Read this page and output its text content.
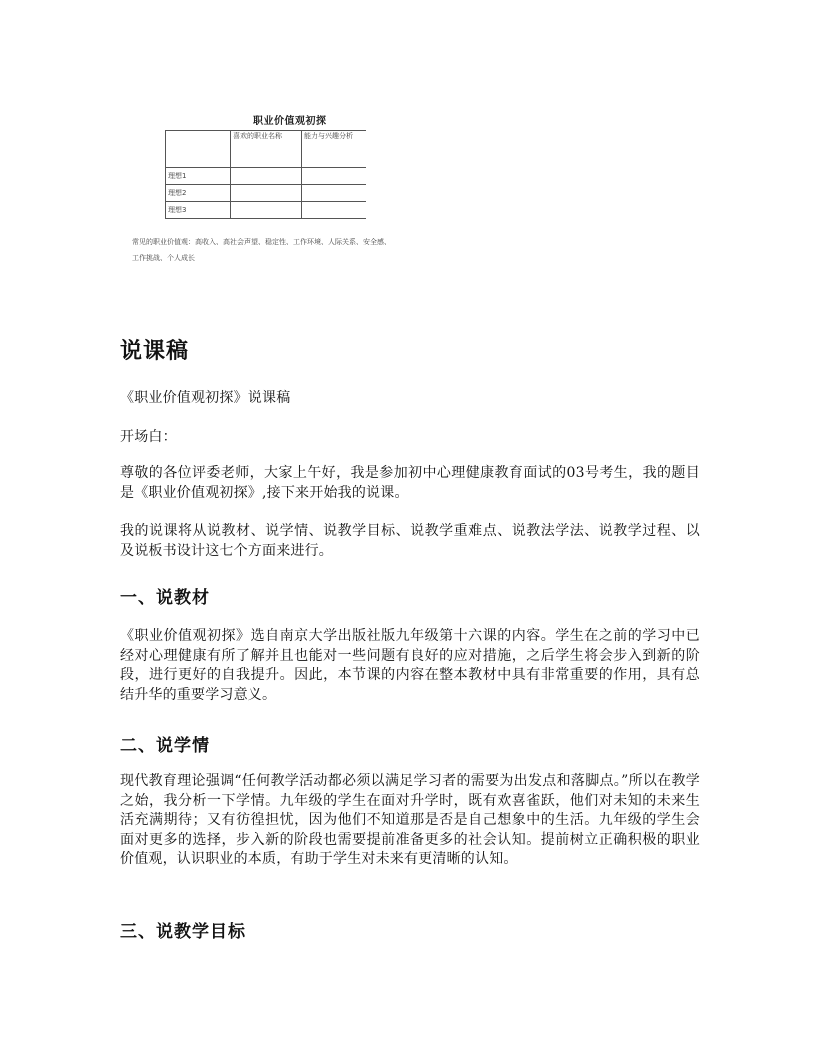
职业价值观初探
	喜欢的职业名称	能力与兴趣分析
理想1		
理想2		
理想3		
常见的职业价值观：高收入、高社会声望、稳定性、工作环境、人际关系、安全感、
工作挑战、个人成长
说课稿

《职业价值观初探》说课稿

开场白：

尊敬的各位评委老师，大家上午好，我是参加初中心理健康教育面试的03号考生，我的题目是《职业价值观初探》,接下来开始我的说课。

我的说课将从说教材、说学情、说教学目标、说教学重难点、说教法学法、说教学过程、以及说板书设计这七个方面来进行。

一、说教材

《职业价值观初探》选自南京大学出版社版九年级第十六课的内容。学生在之前的学习中已经对心理健康有所了解并且也能对一些问题有良好的应对措施，之后学生将会步入到新的阶段，进行更好的自我提升。因此，本节课的内容在整本教材中具有非常重要的作用，具有总结升华的重要学习意义。

二、说学情

现代教育理论强调“任何教学活动都必须以满足学习者的需要为出发点和落脚点。”所以在教学之始，我分析一下学情。九年级的学生在面对升学时，既有欢喜雀跃，他们对未知的未来生活充满期待；又有彷徨担忧，因为他们不知道那是否是自己想象中的生活。九年级的学生会面对更多的选择，步入新的阶段也需要提前准备更多的社会认知。提前树立正确积极的职业价值观，认识职业的本质，有助于学生对未来有更清晰的认知。

三、说教学目标
